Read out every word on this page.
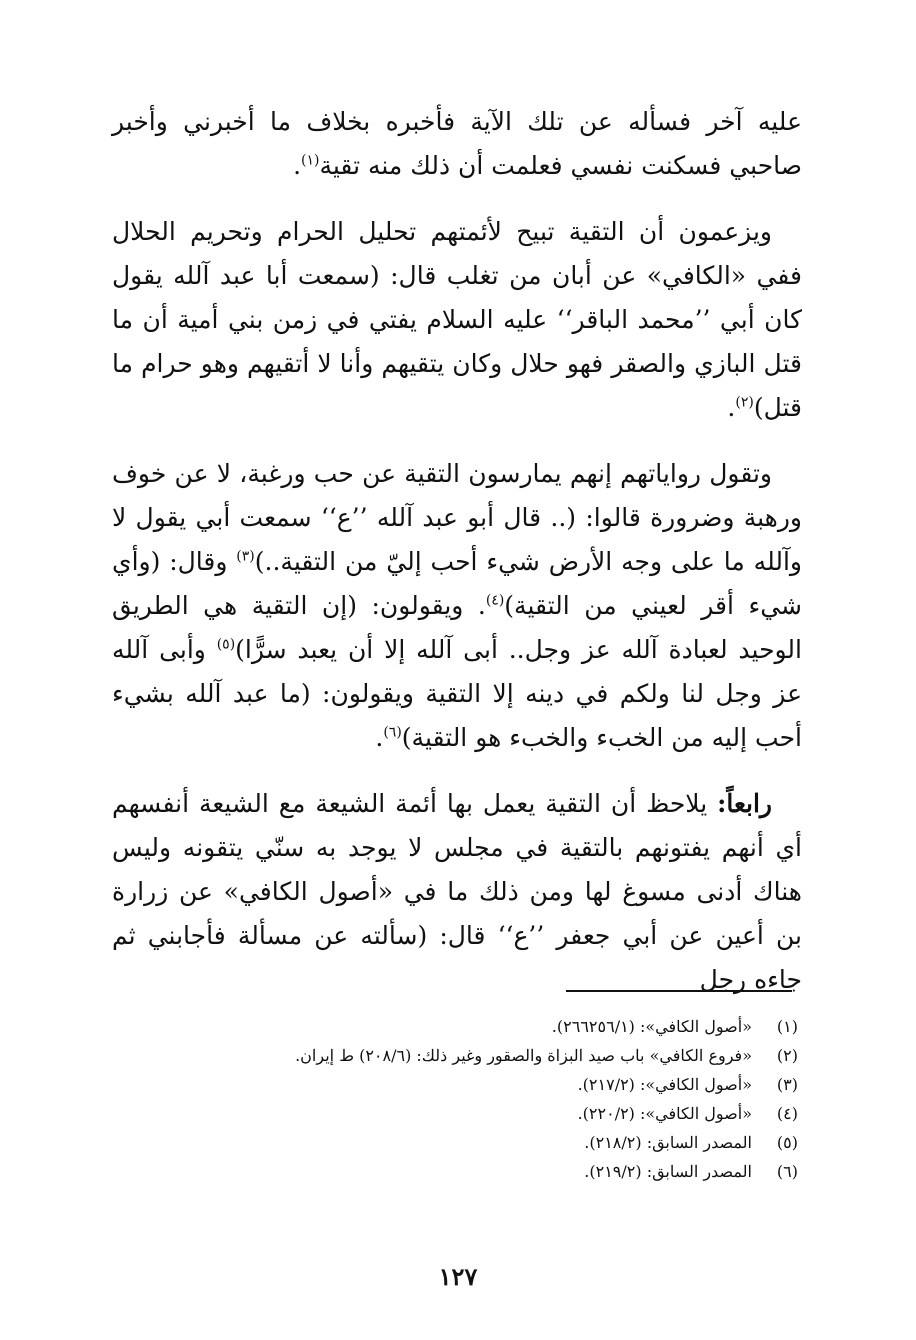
عليه آخر فسأله عن تلك الآية فأخبره بخلاف ما أخبرني وأخبر صاحبي فسكنت نفسي فعلمت أن ذلك منه تقية$^{(١)}$.

ويزعمون أن التقية تبيح لأئمتهم تحليل الحرام وتحريم الحلال ففي «الكافي» عن أبان من تغلب قال: (سمعت أبا عبد آلله يقول كان أبي ’’محمد الباقر‘‘ عليه السلام يفتي في زمن بني أمية أن ما قتل البازي والصقر فهو حلال وكان يتقيهم وأنا لا أتقيهم وهو حرام ما قتل)$^{(٢)}$.

وتقول رواياتهم إنهم يمارسون التقية عن حب ورغبة، لا عن خوف ورهبة وضرورة قالوا: (.. قال أبو عبد آلله ’’ع‘‘ سمعت أبي يقول لا وآلله ما على وجه الأرض شيء أحب إليّ من التقية..)$^{(٣)}$ وقال: (وأي شيء أقر لعيني من التقية)$^{(٤)}$. ويقولون: (إن التقية هي الطريق الوحيد لعبادة آلله عز وجل.. أبى آلله إلا أن يعبد سرًّا)$^{(٥)}$ وأبى آلله عز وجل لنا ولكم في دينه إلا التقية ويقولون: (ما عبد آلله بشيء أحب إليه من الخبء والخبء هو التقية)$^{(٦)}$.

رابعاً: يلاحظ أن التقية يعمل بها أئمة الشيعة مع الشيعة أنفسهم أي أنهم يفتونهم بالتقية في مجلس لا يوجد به سنّي يتقونه وليس هناك أدنى مسوغ لها ومن ذلك ما في «أصول الكافي» عن زرارة بن أعين عن أبي جعفر ’’ع‘‘ قال: (سألته عن مسألة فأجابني ثم جاءه رجل

(١)
«أصول الكافي»: (٢٦٦٢٥٦/١).
(٢)
«فروع الكافي» باب صيد البزاة والصقور وغير ذلك: (٢٠٨/٦) ط إيران.
(٣)
«أصول الكافي»: (٢١٧/٢).
(٤)
«أصول الكافي»: (٢٢٠/٢).
(٥)
المصدر السابق: (٢١٨/٢).
(٦)
المصدر السابق: (٢١٩/٢).
١٢٧
